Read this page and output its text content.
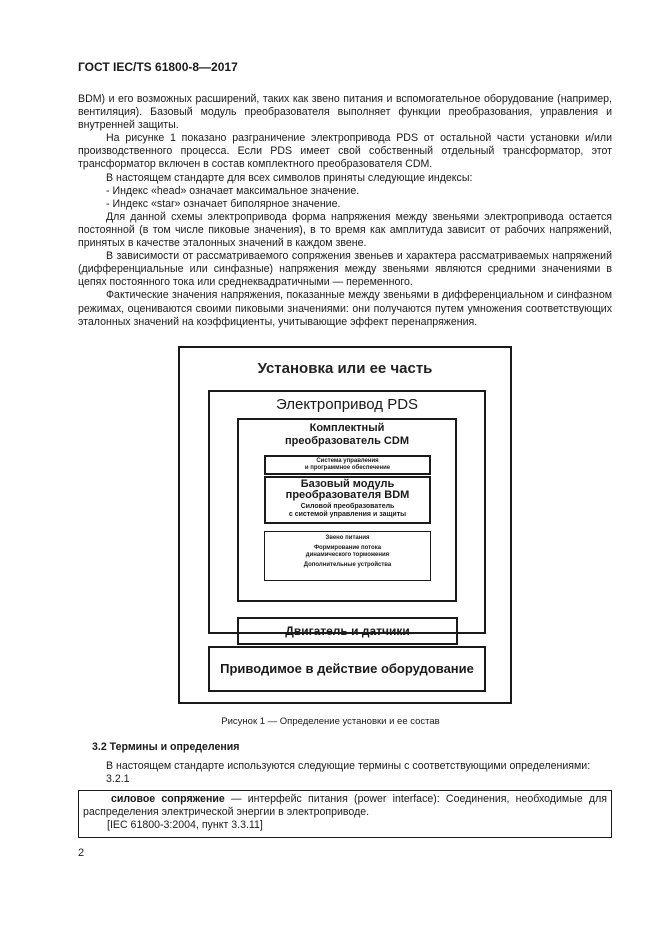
ГОСТ IEC/TS 61800-8—2017

BDM) и его возможных расширений, таких как звено питания и вспомогательное оборудование (например, вентиляция). Базовый модуль преобразователя выполняет функции преобразования, управления и внутренней защиты.

На рисунке 1 показано разграничение электропривода PDS от остальной части установки и/или производственного процесса. Если PDS имеет свой собственный отдельный трансформатор, этот трансформатор включен в состав комплектного преобразователя CDM.

В настоящем стандарте для всех символов приняты следующие индексы:

- Индекс «head» означает максимальное значение.

- Индекс «star» означает биполярное значение.

Для данной схемы электропривода форма напряжения между звеньями электропривода остается постоянной (в том числе пиковые значения), в то время как амплитуда зависит от рабочих напряжений, принятых в качестве эталонных значений в каждом звене.

В зависимости от рассматриваемого сопряжения звеньев и характера рассматриваемых напряжений (дифференциальные или синфазные) напряжения между звеньями являются средними значениями в цепях постоянного тока или среднеквадратичными — переменного.

Фактические значения напряжения, показанные между звеньями в дифференциальном и синфазном режимах, оцениваются своими пиковыми значениями: они получаются путем умножения соответствующих эталонных значений на коэффициенты, учитывающие эффект перенапряжения.

Установка или ее часть
Электропривод PDS
Комплектный
преобразователь CDM
Система управления
и программное обеспечение
Базовый модуль
преобразователя BDM
Силовой преобразователь
с системой управления и защиты
Звено питания
Формирование потока
динамического торможения
Дополнительные устройства
Двигатель и датчики
Приводимое в действие оборудование
Рисунок 1 — Определение установки и ее состав
3.2 Термины и определения

В настоящем стандарте используются следующие термины с соответствующими определениями:

3.2.1

силовое сопряжение — интерфейс питания (power interface): Соединения, необходимые для распределения электрической энергии в электроприводе.

[IEC 61800-3:2004, пункт 3.3.11]

2
